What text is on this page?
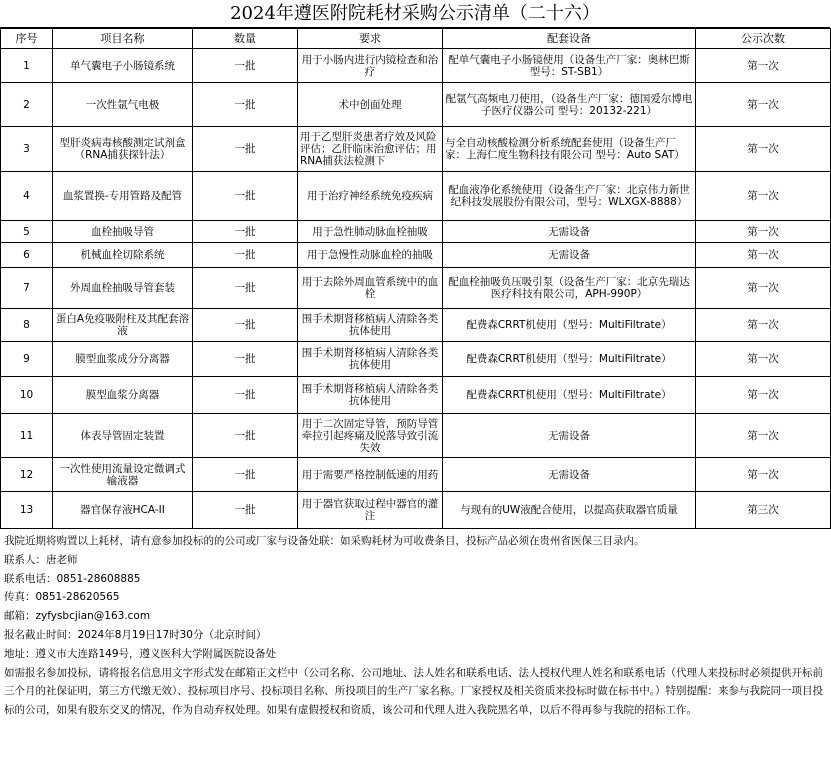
2024年遵医附院耗材采购公示清单（二十六）
序号	项目名称	数量	要求	配套设备	公示次数
1	单气囊电子小肠镜系统	一批	用于小肠内进行内镜检查和治疗	配单气囊电子小肠镜使用（设备生产厂家：奥林巴斯　型号：ST-SB1）	第一次
2	一次性氩气电极	一批	术中创面处理	配氩气高频电刀使用，（设备生产厂家：德国爱尔博电子医疗仪器公司 型号：20132-221）	第一次
3	型肝炎病毒核酸测定试剂盒（RNA捕获探针法）	一批	用于乙型肝炎患者疗效及风险评估；乙肝临床治愈评估；用RNA捕获法检测下	与全自动核酸检测分析系统配套使用（设备生产厂家：上海仁度生物科技有限公司 型号：Auto SAT）	第一次
4	血浆置换-专用管路及配管	一批	用于治疗神经系统免疫疾病	配血液净化系统使用（设备生产厂家：北京伟力新世纪科技发展股份有限公司，型号：WLXGX-8888）	第一次
5	血栓抽吸导管	一批	用于急性肺动脉血栓抽吸	无需设备	第一次
6	机械血栓切除系统	一批	用于急慢性动脉血栓的抽吸	无需设备	第一次
7	外周血栓抽吸导管套装	一批	用于去除外周血管系统中的血栓	配血栓抽吸负压吸引泵（设备生产厂家：北京先瑞达医疗科技有限公司，APH-990P）	第一次
8	蛋白A免疫吸附柱及其配套溶液	一批	围手术期肾移植病人清除各类抗体使用	配费森CRRT机使用（型号：MultiFiltrate）	第一次
9	膜型血浆成分分离器	一批	围手术期肾移植病人清除各类抗体使用	配费森CRRT机使用（型号：MultiFiltrate）	第一次
10	膜型血浆分离器	一批	围手术期肾移植病人清除各类抗体使用	配费森CRRT机使用（型号：MultiFiltrate）	第一次
11	体表导管固定装置	一批	用于二次固定导管，预防导管牵拉引起疼痛及脱落导致引流失效	无需设备	第一次
12	一次性使用流量设定微调式输液器	一批	用于需要严格控制低速的用药	无需设备	第一次
13	器官保存液HCA-II	一批	用于器官获取过程中器官的灌注	与现有的UW液配合使用，以提高获取器官质量	第三次
我院近期将购置以上耗材，请有意参加投标的的公司或厂家与设备处联：如采购耗材为可收费条目，投标产品必须在贵州省医保三目录内。
联系人：唐老师
联系电话：0851-28608885
传真：0851-28620565
邮箱：zyfysbcjian@163.com
报名截止时间：2024年8月19日17时30分（北京时间）
地址：遵义市大连路149号，遵义医科大学附属医院设备处
如需报名参加投标，请将报名信息用文字形式发在邮箱正文栏中（公司名称、公司地址、法人姓名和联系电话、法人授权代理人姓名和联系电话（代理人来投标时必须提供开标前三个月的社保证明，第三方代缴无效）、投标项目序号、投标项目名称、所投项目的生产厂家名称。厂家授权及相关资质来投标时做在标书中。）特别提醒：来参与我院同一项目投标的公司，如果有股东交叉的情况，作为自动弃权处理。如果有虚假授权和资质，该公司和代理人进入我院黑名单，以后不得再参与我院的招标工作。
